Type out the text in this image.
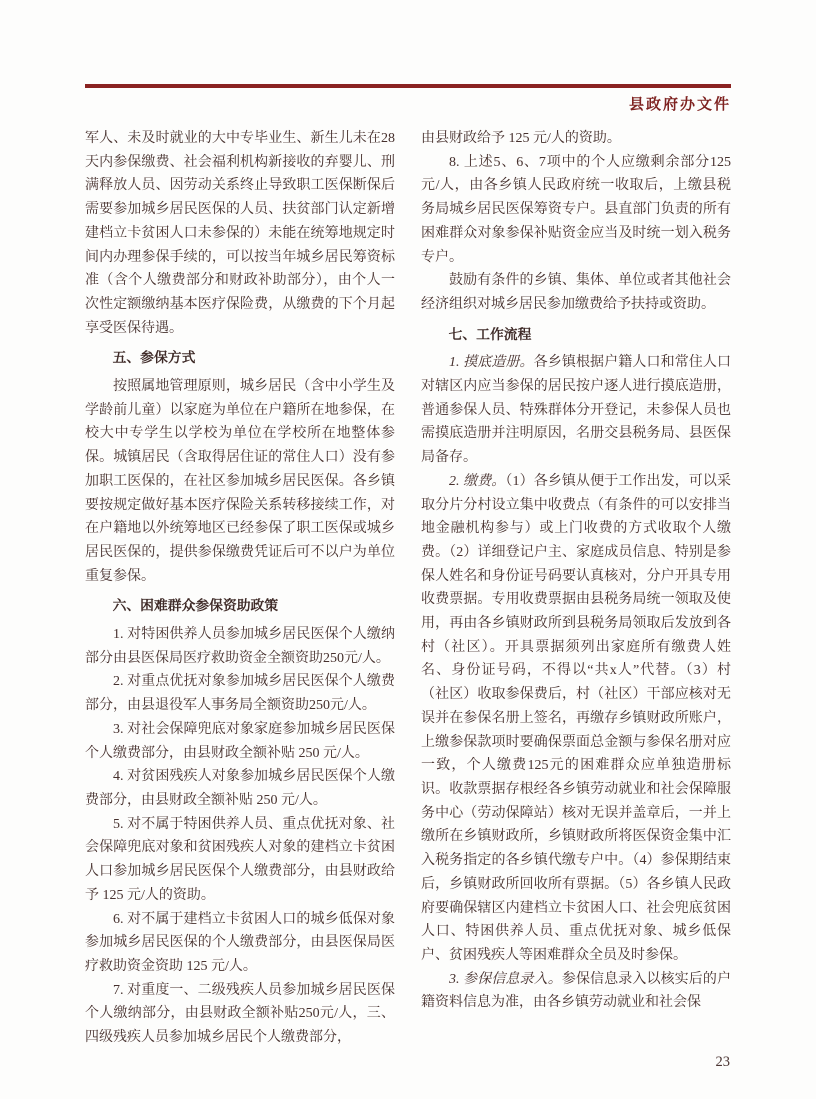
县政府办文件

军人、未及时就业的大中专毕业生、新生儿未在28天内参保缴费、社会福利机构新接收的弃婴儿、刑满释放人员、因劳动关系终止导致职工医保断保后需要参加城乡居民医保的人员、扶贫部门认定新增建档立卡贫困人口未参保的）未能在统筹地规定时间内办理参保手续的，可以按当年城乡居民筹资标准（含个人缴费部分和财政补助部分），由个人一次性定额缴纳基本医疗保险费，从缴费的下个月起享受医保待遇。

五、参保方式

按照属地管理原则，城乡居民（含中小学生及学龄前儿童）以家庭为单位在户籍所在地参保，在校大中专学生以学校为单位在学校所在地整体参保。城镇居民（含取得居住证的常住人口）没有参加职工医保的，在社区参加城乡居民医保。各乡镇要按规定做好基本医疗保险关系转移接续工作，对在户籍地以外统筹地区已经参保了职工医保或城乡居民医保的，提供参保缴费凭证后可不以户为单位重复参保。

六、困难群众参保资助政策

1. 对特困供养人员参加城乡居民医保个人缴纳部分由县医保局医疗救助资金全额资助250元/人。

2. 对重点优抚对象参加城乡居民医保个人缴费部分，由县退役军人事务局全额资助250元/人。

3. 对社会保障兜底对象家庭参加城乡居民医保个人缴费部分，由县财政全额补贴 250 元/人。

4. 对贫困残疾人对象参加城乡居民医保个人缴费部分，由县财政全额补贴 250 元/人。

5. 对不属于特困供养人员、重点优抚对象、社会保障兜底对象和贫困残疾人对象的建档立卡贫困人口参加城乡居民医保个人缴费部分，由县财政给予 125 元/人的资助。

6. 对不属于建档立卡贫困人口的城乡低保对象参加城乡居民医保的个人缴费部分，由县医保局医疗救助资金资助 125 元/人。

7. 对重度一、二级残疾人员参加城乡居民医保个人缴纳部分，由县财政全额补贴250元/人，三、四级残疾人员参加城乡居民个人缴费部分，

由县财政给予 125 元/人的资助。

8. 上述5、6、7项中的个人应缴剩余部分125元/人，由各乡镇人民政府统一收取后，上缴县税务局城乡居民医保筹资专户。县直部门负责的所有困难群众对象参保补贴资金应当及时统一划入税务专户。

鼓励有条件的乡镇、集体、单位或者其他社会经济组织对城乡居民参加缴费给予扶持或资助。

七、工作流程

1. 摸底造册。各乡镇根据户籍人口和常住人口对辖区内应当参保的居民按户逐人进行摸底造册，普通参保人员、特殊群体分开登记，未参保人员也需摸底造册并注明原因，名册交县税务局、县医保局备存。

2. 缴费。（1）各乡镇从便于工作出发，可以采取分片分村设立集中收费点（有条件的可以安排当地金融机构参与）或上门收费的方式收取个人缴费。（2）详细登记户主、家庭成员信息、特别是参保人姓名和身份证号码要认真核对，分户开具专用收费票据。专用收费票据由县税务局统一领取及使用，再由各乡镇财政所到县税务局领取后发放到各村（社区）。开具票据须列出家庭所有缴费人姓名、身份证号码，不得以“共x人”代替。（3）村（社区）收取参保费后，村（社区）干部应核对无误并在参保名册上签名，再缴存乡镇财政所账户，上缴参保款项时要确保票面总金额与参保名册对应一致，个人缴费125元的困难群众应单独造册标识。收款票据存根经各乡镇劳动就业和社会保障服务中心（劳动保障站）核对无误并盖章后，一并上缴所在乡镇财政所，乡镇财政所将医保资金集中汇入税务指定的各乡镇代缴专户中。（4）参保期结束后，乡镇财政所回收所有票据。（5）各乡镇人民政府要确保辖区内建档立卡贫困人口、社会兜底贫困人口、特困供养人员、重点优抚对象、城乡低保户、贫困残疾人等困难群众全员及时参保。

3. 参保信息录入。参保信息录入以核实后的户籍资料信息为准，由各乡镇劳动就业和社会保

23
